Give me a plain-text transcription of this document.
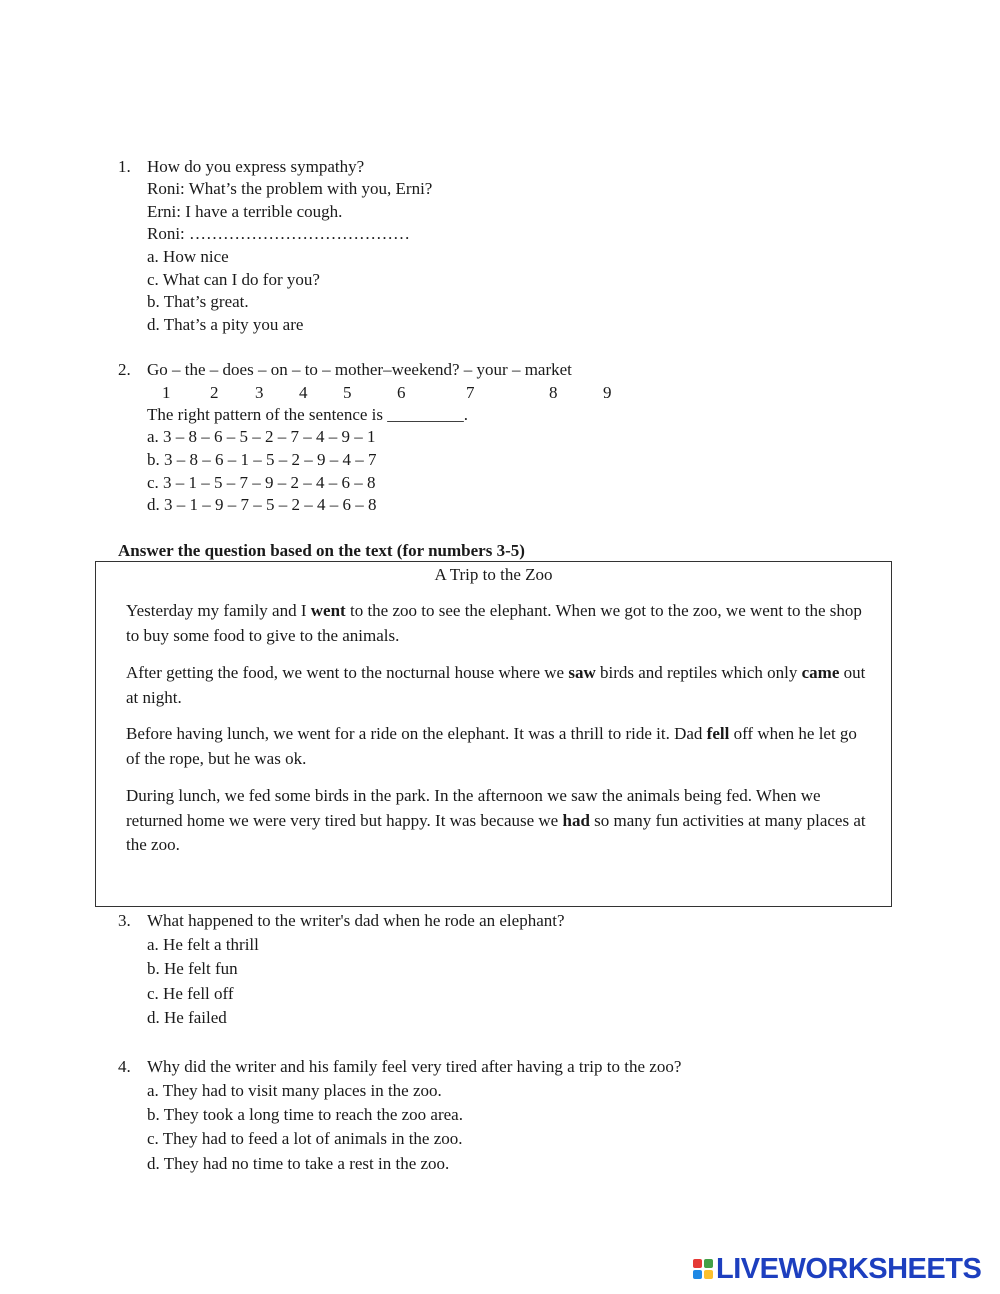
1. How do you express sympathy?
Roni: What’s the problem with you, Erni?
Erni: I have a terrible cough.
Roni: …………………………………
a. How nice
c. What can I do for you?
b. That’s great.
d. That’s a pity you are
2. Go – the – does – on – to – mother–weekend? – your – market
1 2 3 4 5	6	7	8	9
The right pattern of the sentence is _________.
a. 3 – 8 – 6 – 5 – 2 – 7 – 4 – 9 – 1
b. 3 – 8 – 6 – 1 – 5 – 2 – 9 – 4 – 7
c. 3 – 1 – 5 – 7 – 9 – 2 – 4 – 6 – 8
d. 3 – 1 – 9 – 7 – 5 – 2 – 4 – 6 – 8
Answer the question based on the text (for numbers 3-5)
A Trip to the Zoo
Yesterday my family and I went to the zoo to see the elephant. When we got to the zoo, we went to the shop to buy some food to give to the animals.
After getting the food, we went to the nocturnal house where we saw birds and reptiles which only came out at night.
Before having lunch, we went for a ride on the elephant. It was a thrill to ride it. Dad fell off when he let go of the rope, but he was ok.
During lunch, we fed some birds in the park. In the afternoon we saw the animals being fed. When we returned home we were very tired but happy. It was because we had so many fun activities at many places at the zoo.
3. What happened to the writer's dad when he rode an elephant?
a. He felt a thrill
b. He felt fun
c. He fell off
d. He failed
4. Why did the writer and his family feel very tired after having a trip to the zoo?
a. They had to visit many places in the zoo.
b. They took a long time to reach the zoo area.
c. They had to feed a lot of animals in the zoo.
d. They had no time to take a rest in the zoo.
LIVEWORKSHEETS
